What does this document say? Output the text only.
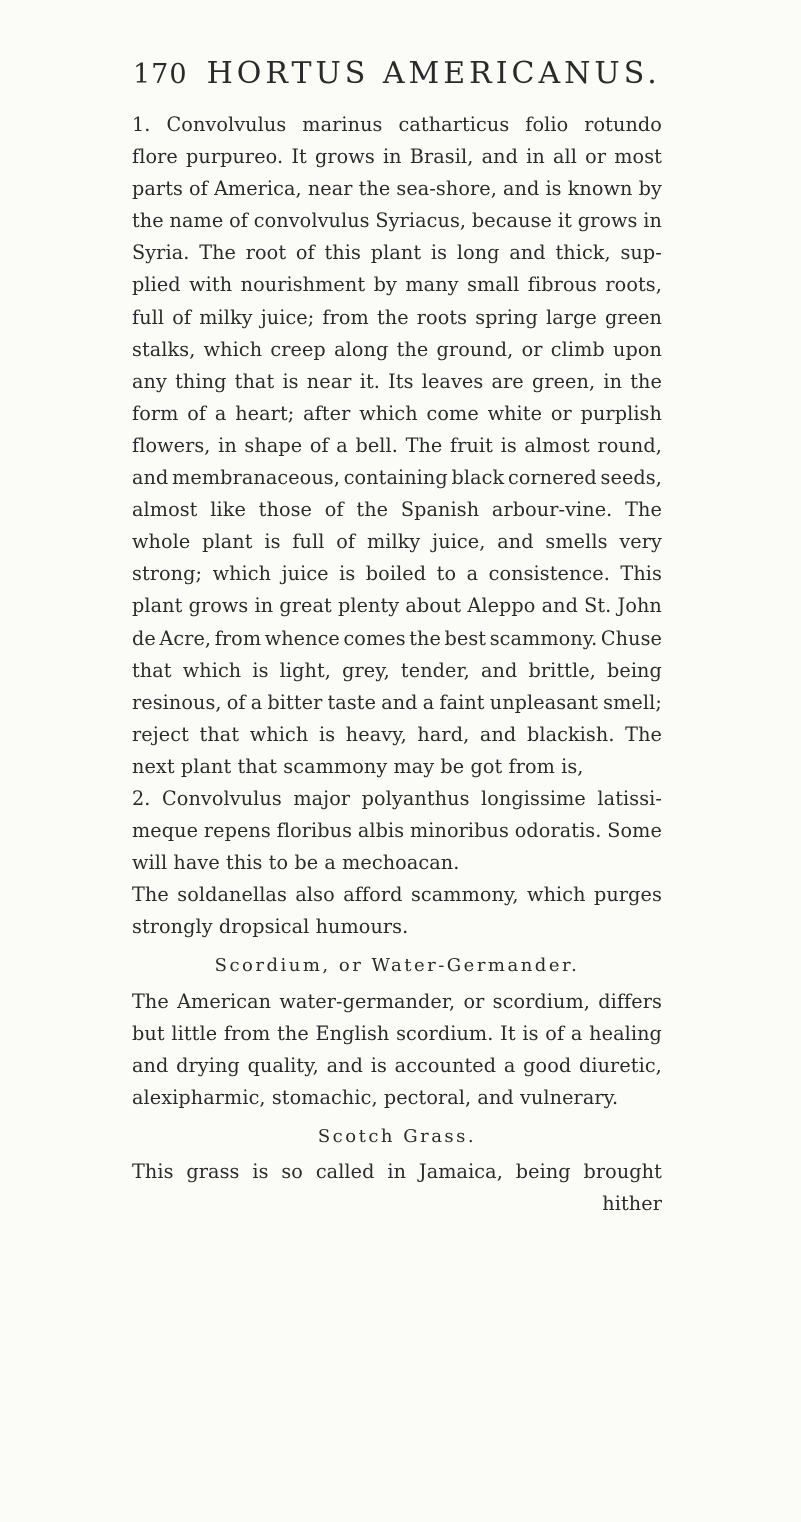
170 HORTUS AMERICANUS.
1. Convolvulus marinus catharticus folio rotundo
flore purpureo. It grows in Brasil, and in all or most
parts of America, near the sea-shore, and is known by
the name of convolvulus Syriacus, because it grows in
Syria. The root of this plant is long and thick, sup-
plied with nourishment by many small fibrous roots,
full of milky juice; from the roots spring large green
stalks, which creep along the ground, or climb upon
any thing that is near it. Its leaves are green, in the
form of a heart; after which come white or purplish
flowers, in shape of a bell. The fruit is almost round,
and membranaceous, containing black cornered seeds,
almost like those of the Spanish arbour-vine. The
whole plant is full of milky juice, and smells very
strong; which juice is boiled to a consistence. This
plant grows in great plenty about Aleppo and St. John
de Acre, from whence comes the best scammony. Chuse
that which is light, grey, tender, and brittle, being
resinous, of a bitter taste and a faint unpleasant smell;
reject that which is heavy, hard, and blackish. The
next plant that scammony may be got from is,
2. Convolvulus major polyanthus longissime latissi-
meque repens floribus albis minoribus odoratis. Some
will have this to be a mechoacan.
The soldanellas also afford scammony, which purges
strongly dropsical humours.
Scordium, or Water-Germander.
The American water-germander, or scordium, differs
but little from the English scordium. It is of a healing
and drying quality, and is accounted a good diuretic,
alexipharmic, stomachic, pectoral, and vulnerary.
Scotch Grass.
This grass is so called in Jamaica, being brought
hither
